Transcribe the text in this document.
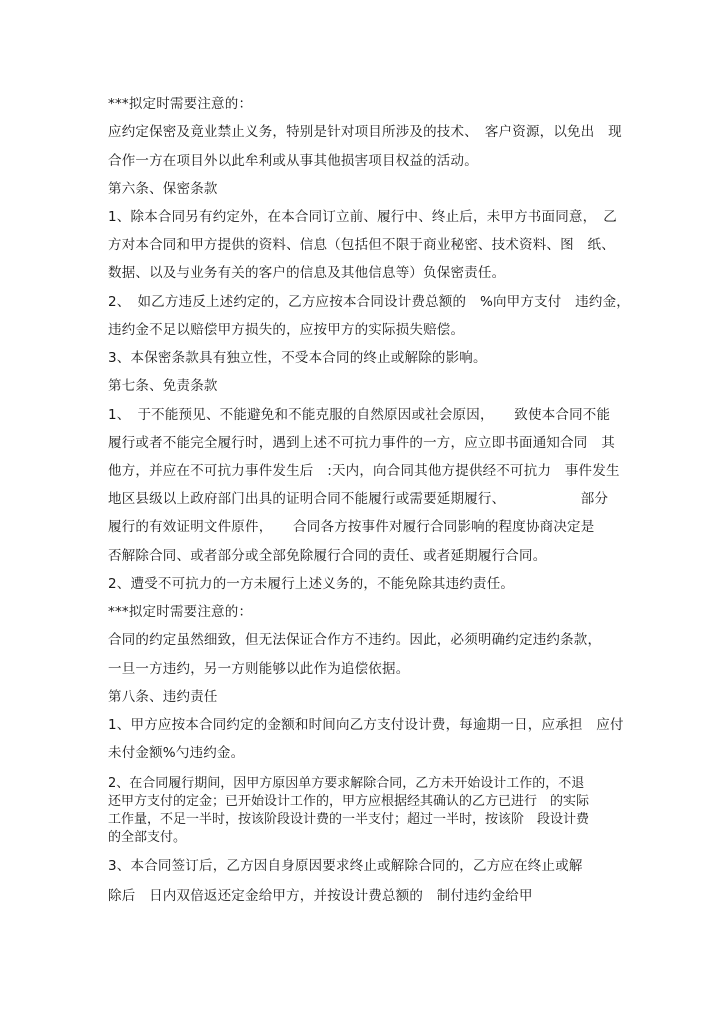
***拟定时需要注意的：
应约定保密及竟业禁止义务，特别是针对项目所涉及的技术、　客户资源，以免出　现
合作一方在项目外以此牟利或从事其他损害项目权益的活动。
第六条、保密条款
1、除本合同另有约定外，在本合同订立前、履行中、终止后，未甲方书面同意，　乙
方对本合同和甲方提供的资料、信息（包括但不限于商业秘密、技术资料、图　纸、
数据、以及与业务有关的客户的信息及其他信息等）负保密责任。
2、　如乙方违反上述约定的，乙方应按本合同设计费总额的　%向甲方支付　违约金，
违约金不足以赔偿甲方损失的，应按甲方的实际损失赔偿。
3、本保密条款具有独立性，不受本合同的终止或解除的影响。
第七条、免责条款
1、　于不能预见、不能避免和不能克服的自然原因或社会原因，　　致使本合同不能
履行或者不能完全履行时，遇到上述不可抗力事件的一方，应立即书面通知合同　其
他方，并应在不可抗力事件发生后　:天内，向合同其他方提供经不可抗力　事件发生
地区县级以上政府部门出具的证明合同不能履行或需要延期履行、　　　　　　部分
履行的有效证明文件原件，　　合同各方按事件对履行合同影响的程度协商决定是
否解除合同、或者部分或全部免除履行合同的责任、或者延期履行合同。
2、遭受不可抗力的一方未履行上述义务的，不能免除其违约责任。
***拟定时需要注意的：
合同的约定虽然细致，但无法保证合作方不违约。因此，必须明确约定违约条款，
一旦一方违约，另一方则能够以此作为追偿依据。
第八条、违约责任
1、甲方应按本合同约定的金额和时间向乙方支付设计费，每逾期一日，应承担　应付
未付金额%勺违约金。
2、在合同履行期间，因甲方原因单方要求解除合同，乙方未开始设计工作的，不退
还甲方支付的定金；已开始设计工作的，甲方应根据经其确认的乙方已进行　的实际
工作量，不足一半时，按该阶段设计费的一半支付；超过一半时，按该阶　段设计费
的全部支付。
3、本合同签订后，乙方因自身原因要求终止或解除合同的，乙方应在终止或解
除后　日内双倍返还定金给甲方，并按设计费总额的　制付违约金给甲
